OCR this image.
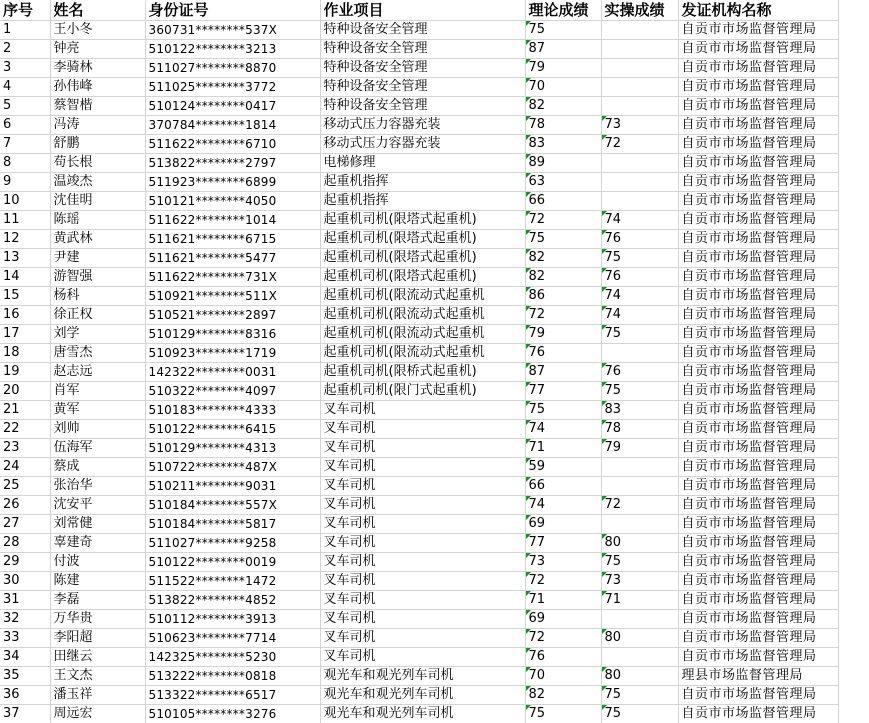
序号	姓名	身份证号	作业项目	理论成绩	实操成绩	发证机构名称
1	王小冬	360731********537X	特种设备安全管理	75		自贡市市场监督管理局
2	钟亮	510122********3213	特种设备安全管理	87		自贡市市场监督管理局
3	李骑林	511027********8870	特种设备安全管理	79		自贡市市场监督管理局
4	孙伟峰	511025********3772	特种设备安全管理	70		自贡市市场监督管理局
5	蔡智楷	510124********0417	特种设备安全管理	82		自贡市市场监督管理局
6	冯涛	370784********1814	移动式压力容器充装	78	73	自贡市市场监督管理局
7	舒鹏	511622********6710	移动式压力容器充装	83	72	自贡市市场监督管理局
8	苟长根	513822********2797	电梯修理	89		自贡市市场监督管理局
9	温竣杰	511923********6899	起重机指挥	63		自贡市市场监督管理局
10	沈佳明	510121********4050	起重机指挥	66		自贡市市场监督管理局
11	陈瑶	511622********1014	起重机司机(限塔式起重机)	72	74	自贡市市场监督管理局
12	黄武林	511621********6715	起重机司机(限塔式起重机)	75	76	自贡市市场监督管理局
13	尹建	511621********5477	起重机司机(限塔式起重机)	82	75	自贡市市场监督管理局
14	游智强	511622********731X	起重机司机(限塔式起重机)	82	76	自贡市市场监督管理局
15	杨科	510921********511X	起重机司机(限流动式起重机	86	74	自贡市市场监督管理局
16	徐正权	510521********2897	起重机司机(限流动式起重机	72	74	自贡市市场监督管理局
17	刘学	510129********8316	起重机司机(限流动式起重机	79	75	自贡市市场监督管理局
18	唐雪杰	510923********1719	起重机司机(限流动式起重机	76		自贡市市场监督管理局
19	赵志远	142322********0031	起重机司机(限桥式起重机)	87	76	自贡市市场监督管理局
20	肖军	510322********4097	起重机司机(限门式起重机)	77	75	自贡市市场监督管理局
21	黄军	510183********4333	叉车司机	75	83	自贡市市场监督管理局
22	刘帅	510122********6415	叉车司机	74	78	自贡市市场监督管理局
23	伍海军	510129********4313	叉车司机	71	79	自贡市市场监督管理局
24	蔡成	510722********487X	叉车司机	59		自贡市市场监督管理局
25	张治华	510211********9031	叉车司机	66		自贡市市场监督管理局
26	沈安平	510184********557X	叉车司机	74	72	自贡市市场监督管理局
27	刘常健	510184********5817	叉车司机	69		自贡市市场监督管理局
28	辜建奇	511027********9258	叉车司机	77	80	自贡市市场监督管理局
29	付波	510122********0019	叉车司机	73	75	自贡市市场监督管理局
30	陈建	511522********1472	叉车司机	72	73	自贡市市场监督管理局
31	李磊	513822********4852	叉车司机	71	71	自贡市市场监督管理局
32	万华贵	510112********3913	叉车司机	69		自贡市市场监督管理局
33	李阳超	510623********7714	叉车司机	72	80	自贡市市场监督管理局
34	田继云	142325********5230	叉车司机	76		自贡市市场监督管理局
35	王文杰	513222********0818	观光车和观光列车司机	70	80	理县市场监督管理局
36	潘玉祥	513322********6517	观光车和观光列车司机	82	75	自贡市市场监督管理局
37	周远宏	510105********3276	观光车和观光列车司机	75	75	自贡市市场监督管理局
